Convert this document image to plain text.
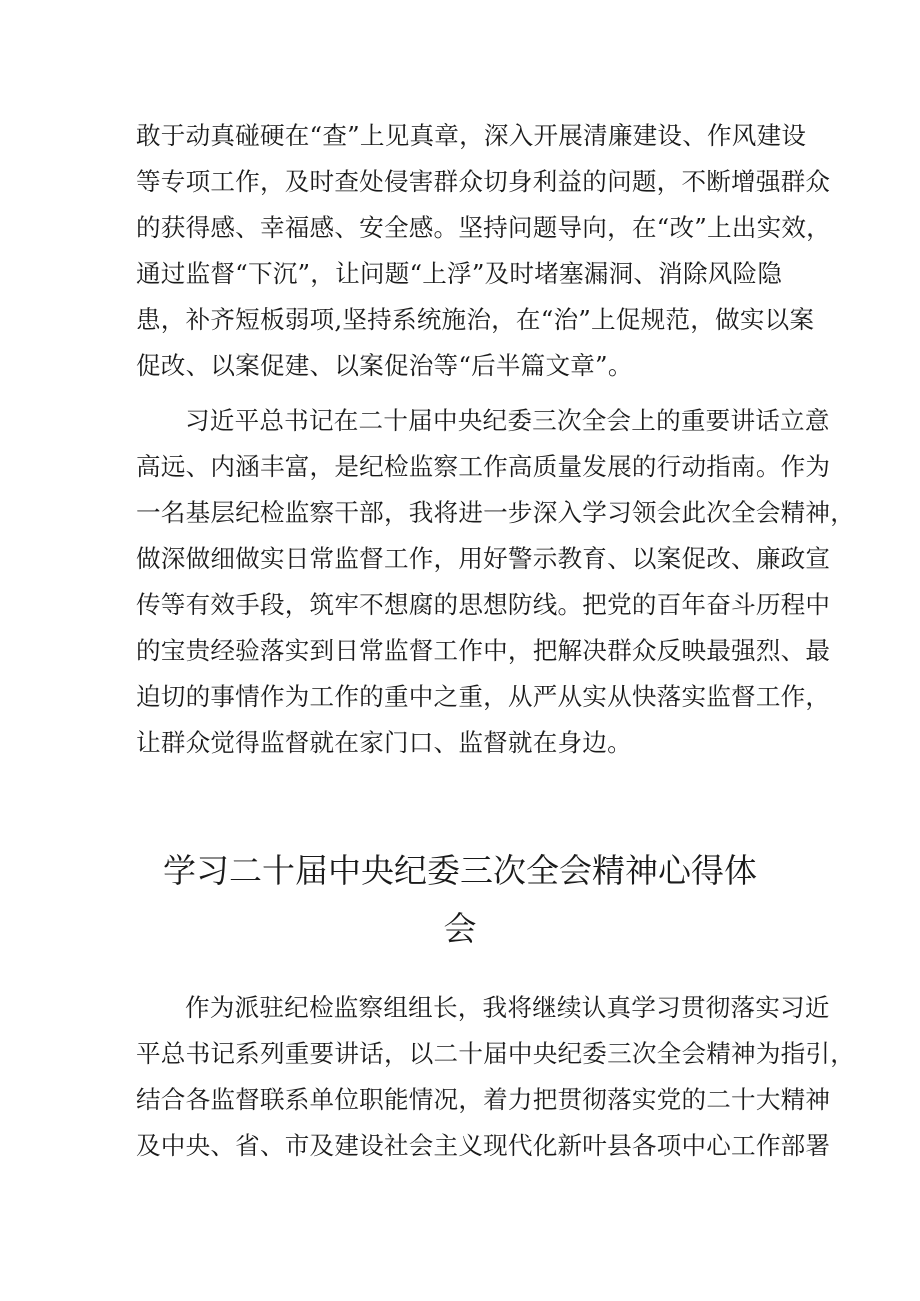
敢于动真碰硬在“查”上见真章，深入开展清廉建设、作风建设
等专项工作，及时查处侵害群众切身利益的问题，不断增强群众
的获得感、幸福感、安全感。坚持问题导向，在“改”上出实效，
通过监督“下沉”，让问题“上浮”及时堵塞漏洞、消除风险隐
患，补齐短板弱项,坚持系统施治，在“治”上促规范，做实以案
促改、以案促建、以案促治等“后半篇文章”。

习近平总书记在二十届中央纪委三次全会上的重要讲话立意
高远、内涵丰富，是纪检监察工作高质量发展的行动指南。作为
一名基层纪检监察干部，我将进一步深入学习领会此次全会精神，
做深做细做实日常监督工作，用好警示教育、以案促改、廉政宣
传等有效手段，筑牢不想腐的思想防线。把党的百年奋斗历程中
的宝贵经验落实到日常监督工作中，把解决群众反映最强烈、最
迫切的事情作为工作的重中之重，从严从实从快落实监督工作，
让群众觉得监督就在家门口、监督就在身边。

学习二十届中央纪委三次全会精神心得体
会

作为派驻纪检监察组组长，我将继续认真学习贯彻落实习近
平总书记系列重要讲话，以二十届中央纪委三次全会精神为指引，
结合各监督联系单位职能情况，着力把贯彻落实党的二十大精神
及中央、省、市及建设社会主义现代化新叶县各项中心工作部署
